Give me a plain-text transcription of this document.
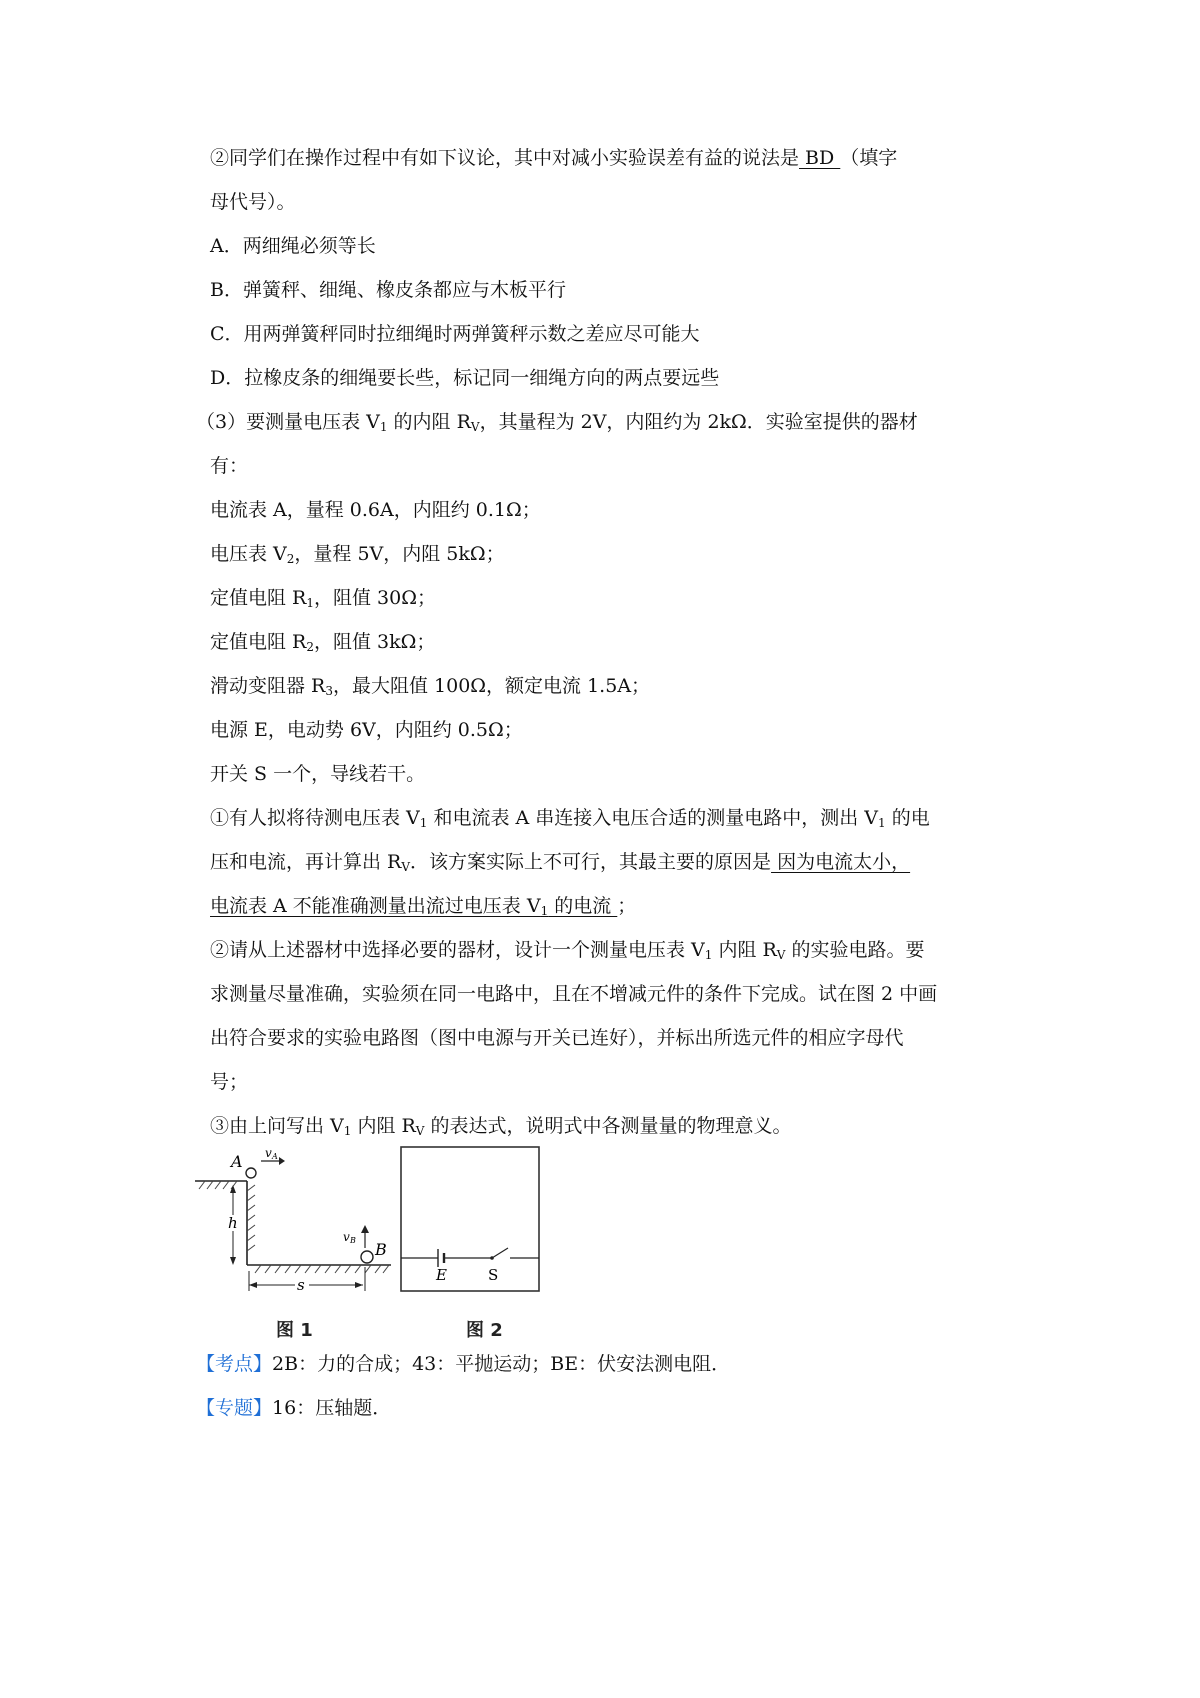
②同学们在操作过程中有如下议论，其中对减小实验误差有益的说法是 BD （填字
母代号）。
A．两细绳必须等长
B．弹簧秤、细绳、橡皮条都应与木板平行
C．用两弹簧秤同时拉细绳时两弹簧秤示数之差应尽可能大
D．拉橡皮条的细绳要长些，标记同一细绳方向的两点要远些
（3）要测量电压表 $V_1$ 的内阻 $R_V$，其量程为 2V，内阻约为 2kΩ．实验室提供的器材
有：
电流表 A，量程 0.6A，内阻约 0.1Ω；
电压表 $V_2$，量程 5V，内阻 5kΩ；
定值电阻 $R_1$，阻值 30Ω；
定值电阻 $R_2$，阻值 3kΩ；
滑动变阻器 $R_3$，最大阻值 100Ω，额定电流 1.5A；
电源 E，电动势 6V，内阻约 0.5Ω；
开关 S 一个，导线若干。
①有人拟将待测电压表 $V_1$ 和电流表 A 串连接入电压合适的测量电路中，测出 $V_1$ 的电
压和电流，再计算出 $R_V$．该方案实际上不可行，其最主要的原因是 因为电流太小，
电流表 A 不能准确测量出流过电压表 $V_1$ 的电流 ；
②请从上述器材中选择必要的器材，设计一个测量电压表 $V_1$ 内阻 $R_V$ 的实验电路。要
求测量尽量准确，实验须在同一电路中，且在不增减元件的条件下完成。试在图 2 中画
出符合要求的实验电路图（图中电源与开关已连好），并标出所选元件的相应字母代
号；
③由上问写出 $V_1$ 内阻 $R_V$ 的表达式，说明式中各测量量的物理意义。
A v A
h
B
v B
s
图 1
E	S
图 2
【考点】2B：力的合成；43：平抛运动；BE：伏安法测电阻．
【专题】16：压轴题．
